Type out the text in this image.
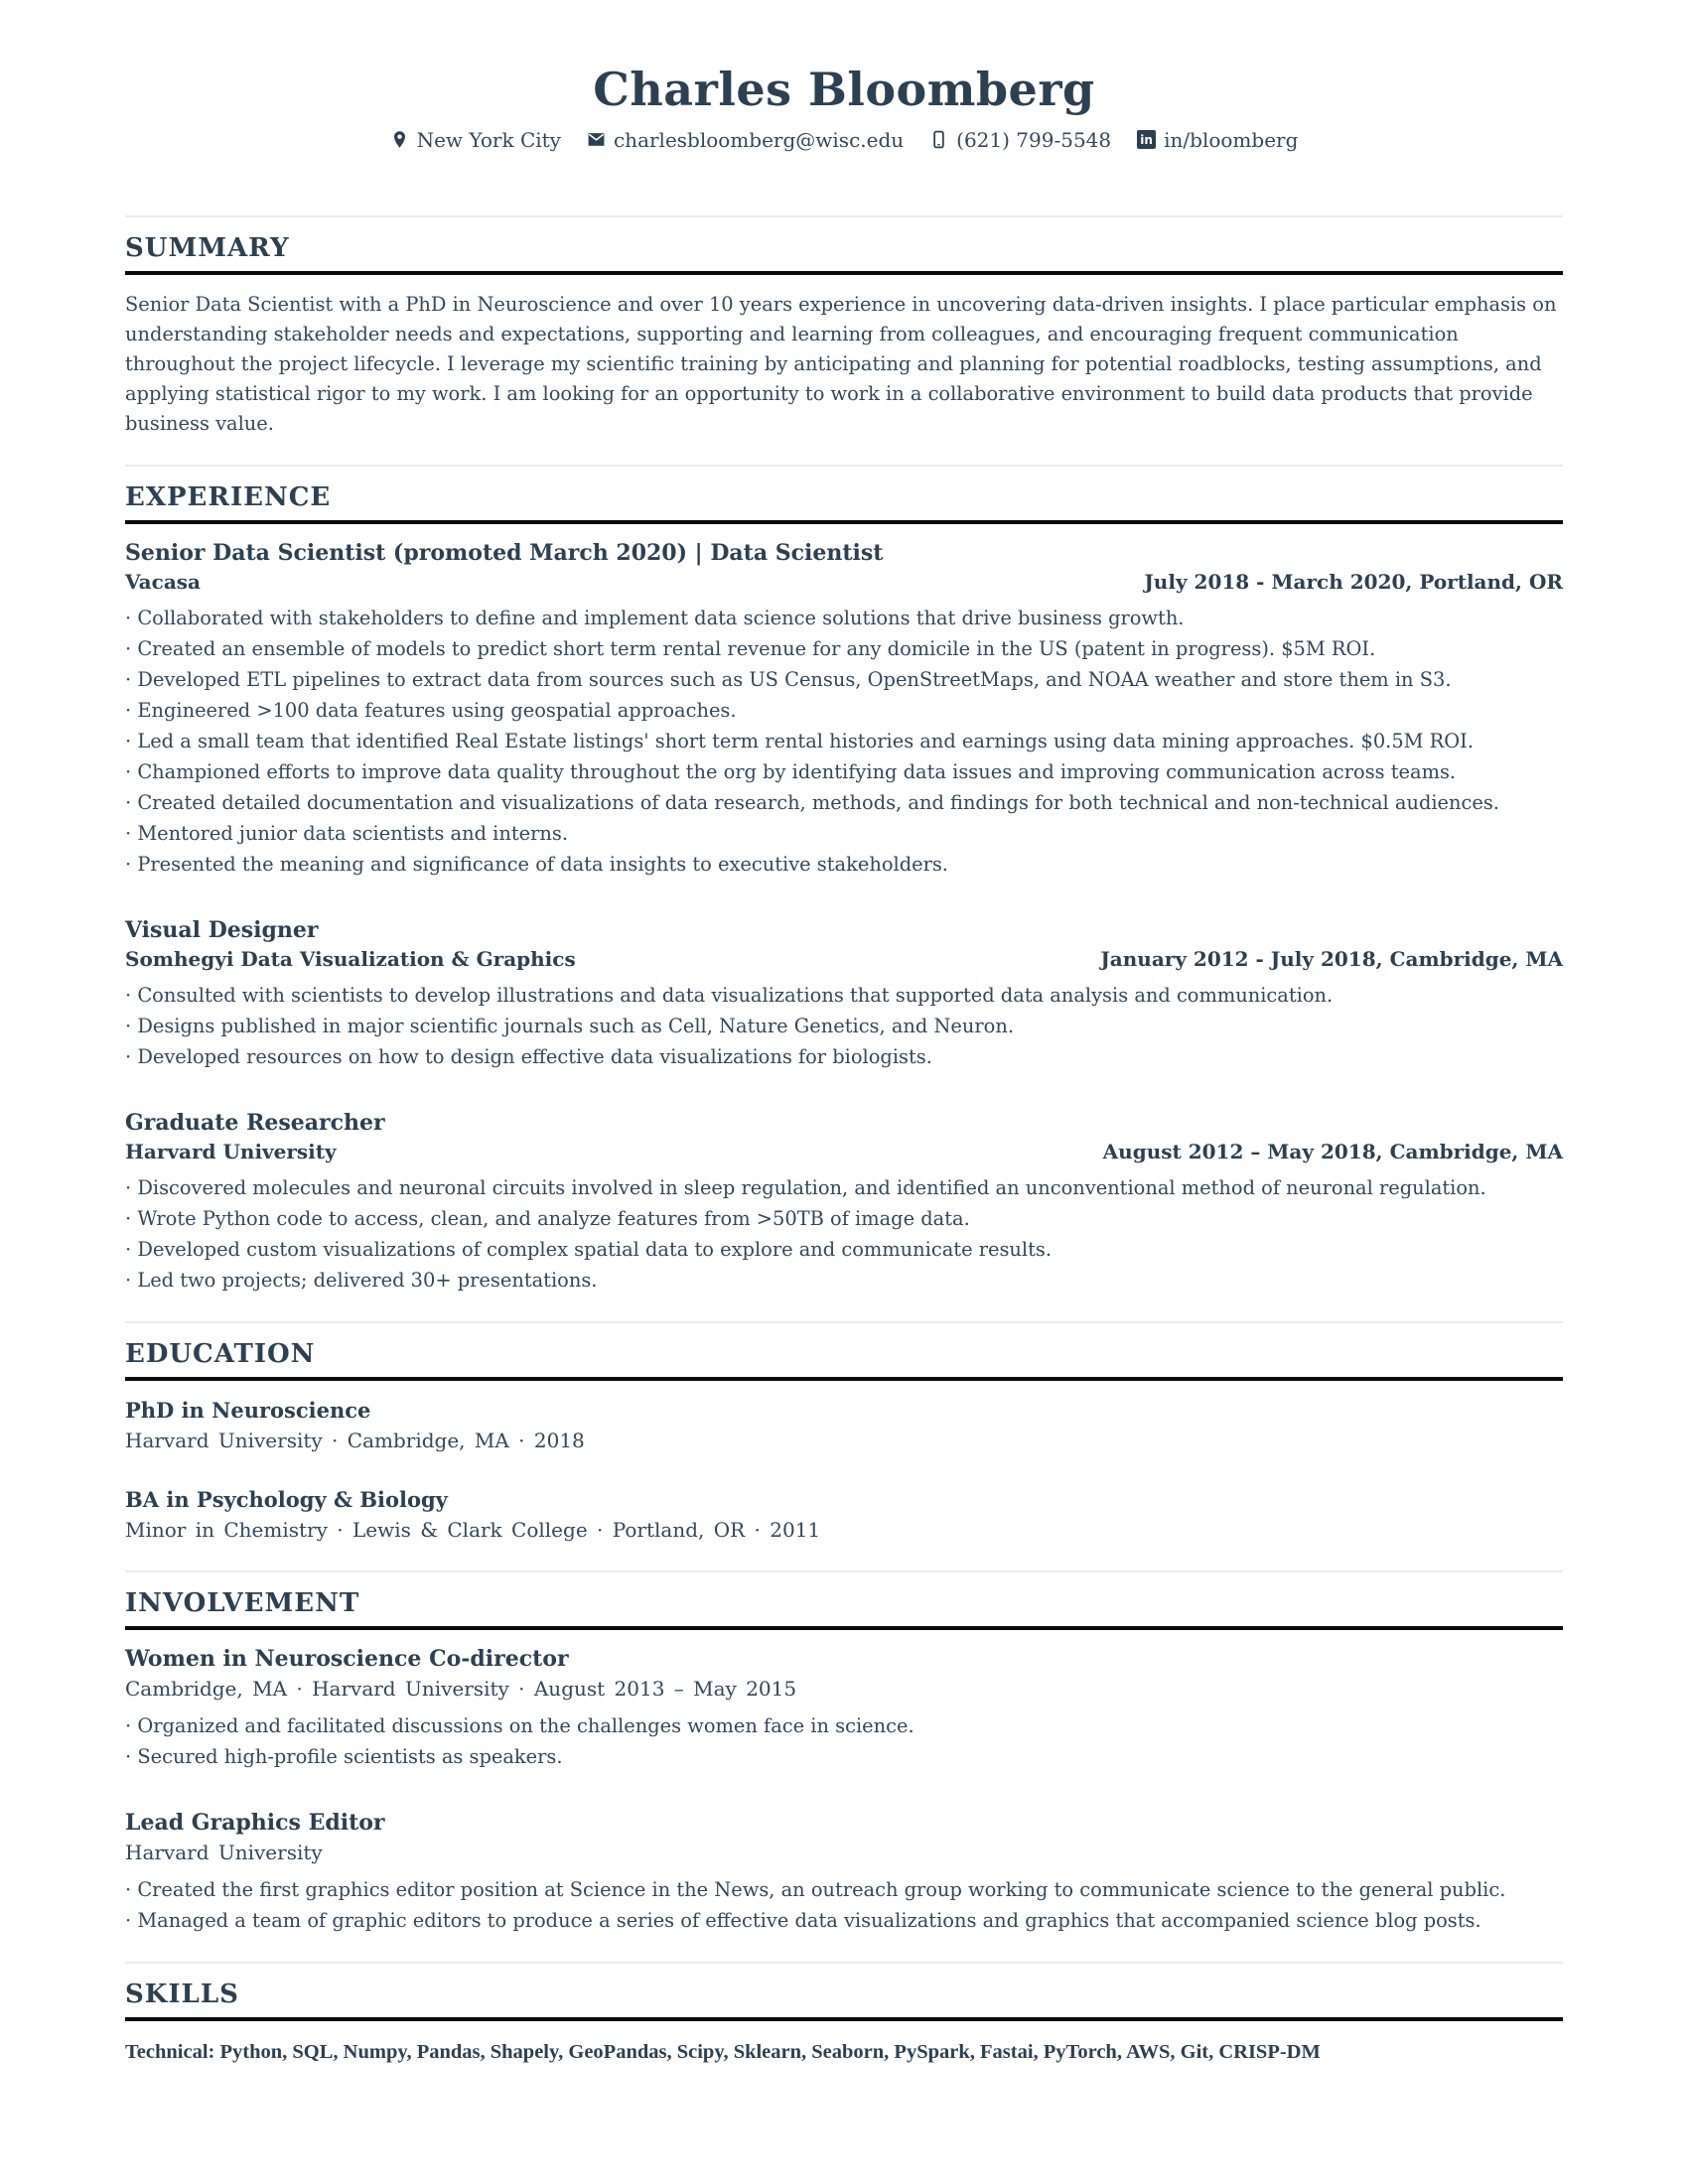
Charles Bloomberg
New York City	charlesbloomberg@wisc.edu	(621) 799-5548 in in/bloomberg
SUMMARY
Senior Data Scientist with a PhD in Neuroscience and over 10 years experience in uncovering data-driven insights. I place particular emphasis on understanding stakeholder needs and expectations, supporting and learning from colleagues, and encouraging frequent communication throughout the project lifecycle. I leverage my scientific training by anticipating and planning for potential roadblocks, testing assumptions, and applying statistical rigor to my work. I am looking for an opportunity to work in a collaborative environment to build data products that provide business value.
EXPERIENCE
Senior Data Scientist (promoted March 2020) | Data Scientist
Vacasa	July 2018 - March 2020, Portland, OR
· Collaborated with stakeholders to define and implement data science solutions that drive business growth.
· Created an ensemble of models to predict short term rental revenue for any domicile in the US (patent in progress). $5M ROI.
· Developed ETL pipelines to extract data from sources such as US Census, OpenStreetMaps, and NOAA weather and store them in S3.
· Engineered >100 data features using geospatial approaches.
· Led a small team that identified Real Estate listings' short term rental histories and earnings using data mining approaches. $0.5M ROI.
· Championed efforts to improve data quality throughout the org by identifying data issues and improving communication across teams.
· Created detailed documentation and visualizations of data research, methods, and findings for both technical and non-technical audiences.
· Mentored junior data scientists and interns.
· Presented the meaning and significance of data insights to executive stakeholders.
Visual Designer
Somhegyi Data Visualization & Graphics	January 2012 - July 2018, Cambridge, MA
· Consulted with scientists to develop illustrations and data visualizations that supported data analysis and communication.
· Designs published in major scientific journals such as Cell, Nature Genetics, and Neuron.
· Developed resources on how to design effective data visualizations for biologists.
Graduate Researcher
Harvard University	August 2012 – May 2018, Cambridge, MA
· Discovered molecules and neuronal circuits involved in sleep regulation, and identified an unconventional method of neuronal regulation.
· Wrote Python code to access, clean, and analyze features from >50TB of image data.
· Developed custom visualizations of complex spatial data to explore and communicate results.
· Led two projects; delivered 30+ presentations.
EDUCATION
PhD in Neuroscience
Harvard University · Cambridge, MA · 2018
BA in Psychology & Biology
Minor in Chemistry · Lewis & Clark College · Portland, OR · 2011
INVOLVEMENT
Women in Neuroscience Co-director
Cambridge, MA · Harvard University · August 2013 – May 2015
· Organized and facilitated discussions on the challenges women face in science.
· Secured high-profile scientists as speakers.
Lead Graphics Editor
Harvard University
· Created the first graphics editor position at Science in the News, an outreach group working to communicate science to the general public.
· Managed a team of graphic editors to produce a series of effective data visualizations and graphics that accompanied science blog posts.
SKILLS
Technical: Python, SQL, Numpy, Pandas, Shapely, GeoPandas, Scipy, Sklearn, Seaborn, PySpark, Fastai, PyTorch, AWS, Git, CRISP-DM
